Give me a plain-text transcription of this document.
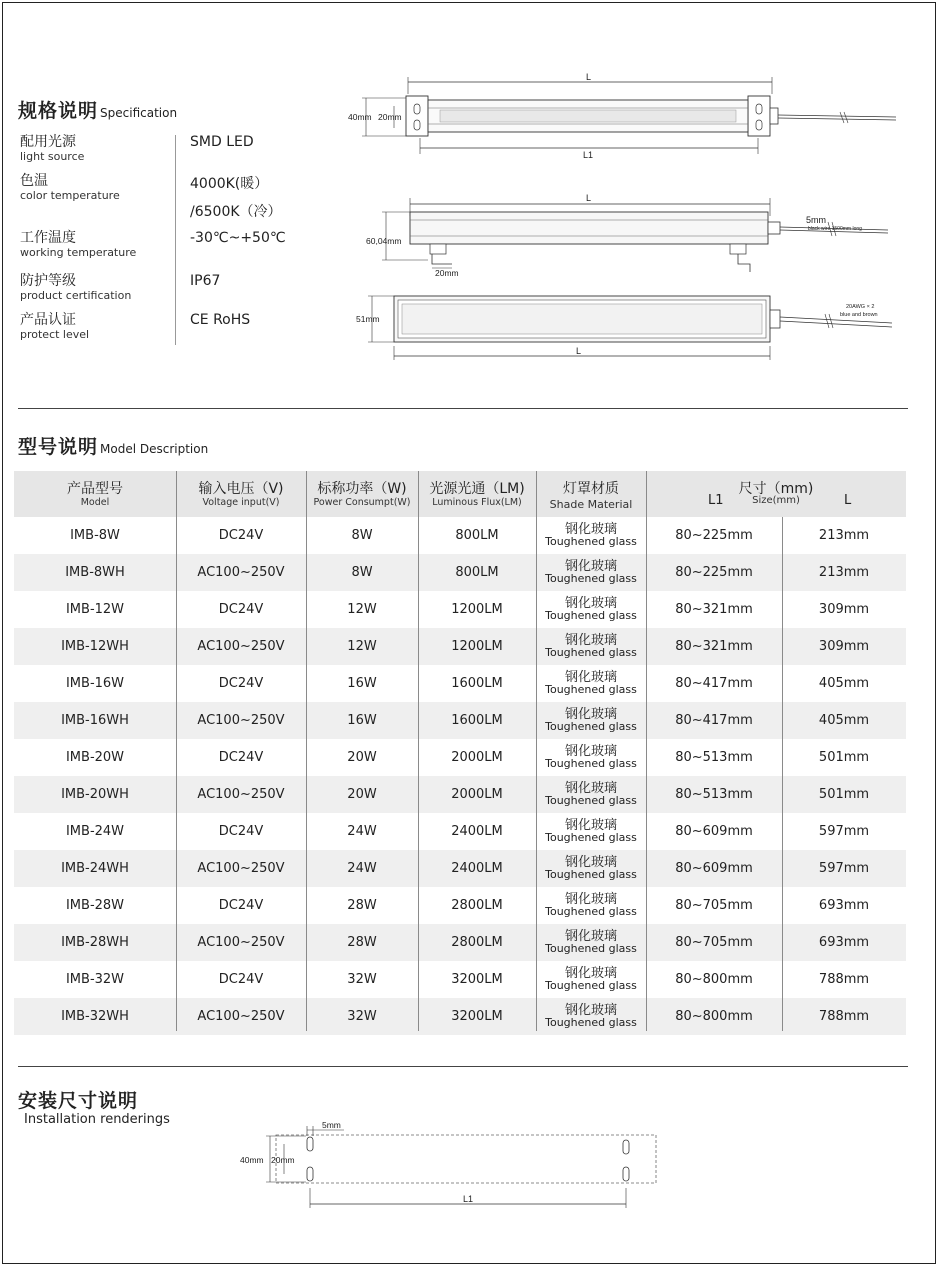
规格说明 Specification
配用光源
light source
SMD LED
色温
color temperature
4000K(暖）
/6500K（冷）
工作温度
working temperature
-30℃~+50℃
防护等级
product certification
IP67
产品认证
protect level
CE RoHS
L
L1
40mm 20mm
L
5mm
black wire 1500mm long
60,04mm
20mm
20AWG × 2
blue and brown
51mm
L
型号说明 Model Description
产品型号
Model
输入电压（V)
Voltage input(V)
标称功率（W)
Power Consumpt(W)
光源光通（LM)
Luminous Flux(LM)
灯罩材质
Shade Material
尺寸（mm)
Size(mm)
L1	L
IMB-8W	DC24V	8W	800LM	钢化玻璃
Toughened glass	80~225mm	213mm
IMB-8WH	AC100~250V	8W	800LM	钢化玻璃
Toughened glass	80~225mm	213mm
IMB-12W	DC24V	12W	1200LM	钢化玻璃
Toughened glass	80~321mm	309mm
IMB-12WH	AC100~250V	12W	1200LM	钢化玻璃
Toughened glass	80~321mm	309mm
IMB-16W	DC24V	16W	1600LM	钢化玻璃
Toughened glass	80~417mm	405mm
IMB-16WH	AC100~250V	16W	1600LM	钢化玻璃
Toughened glass	80~417mm	405mm
IMB-20W	DC24V	20W	2000LM	钢化玻璃
Toughened glass	80~513mm	501mm
IMB-20WH	AC100~250V	20W	2000LM	钢化玻璃
Toughened glass	80~513mm	501mm
IMB-24W	DC24V	24W	2400LM	钢化玻璃
Toughened glass	80~609mm	597mm
IMB-24WH	AC100~250V	24W	2400LM	钢化玻璃
Toughened glass	80~609mm	597mm
IMB-28W	DC24V	28W	2800LM	钢化玻璃
Toughened glass	80~705mm	693mm
IMB-28WH	AC100~250V	28W	2800LM	钢化玻璃
Toughened glass	80~705mm	693mm
IMB-32W	DC24V	32W	3200LM	钢化玻璃
Toughened glass	80~800mm	788mm
IMB-32WH	AC100~250V	32W	3200LM	钢化玻璃
Toughened glass	80~800mm	788mm
安装尺寸说明
Installation renderings	5mm
40mm 20mm
L1
